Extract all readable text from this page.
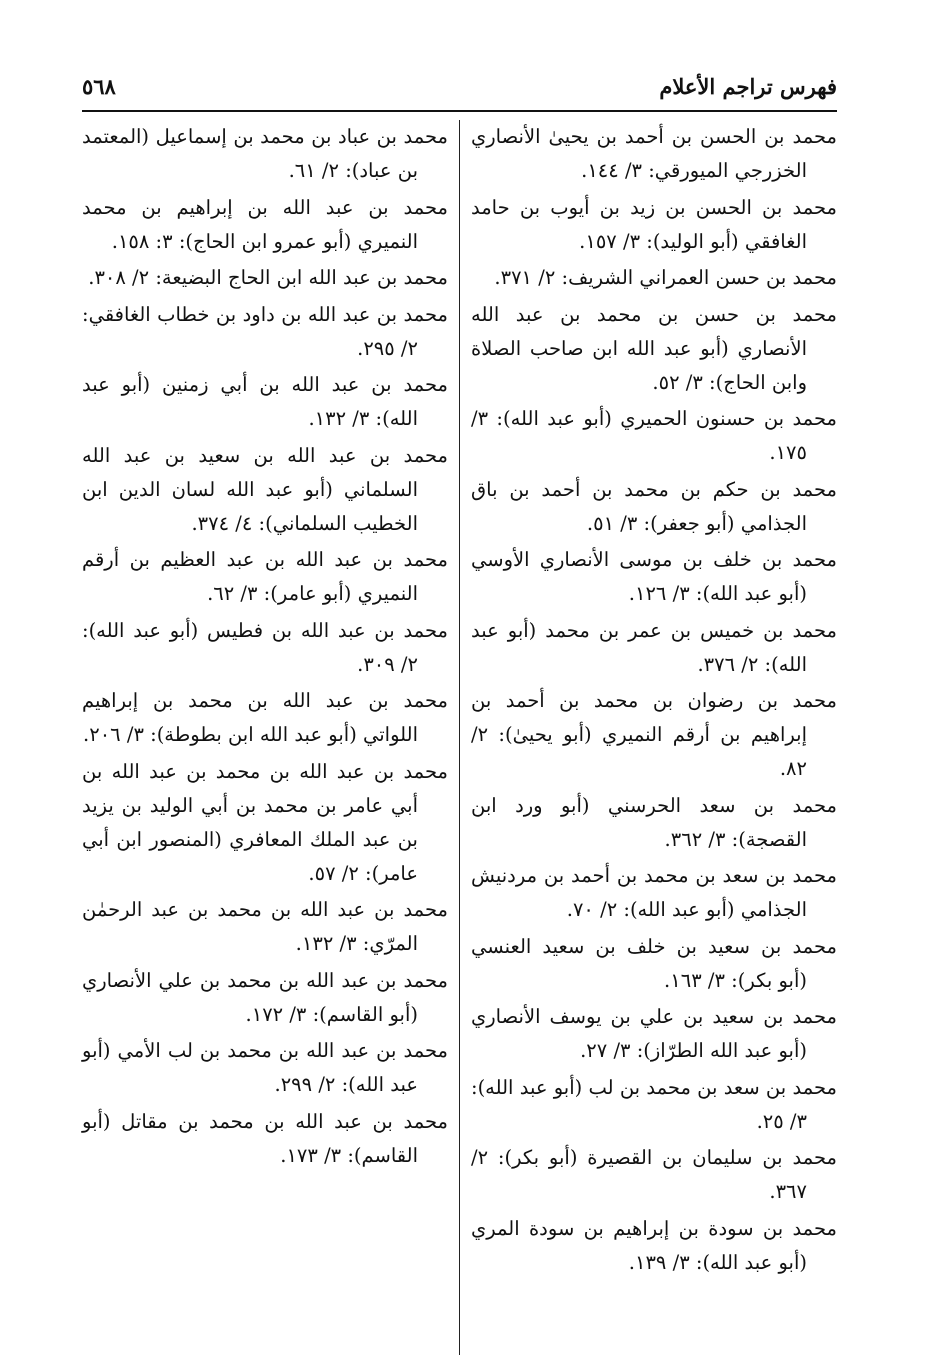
فهرس تراجم الأعلام
٥٦٨

محمد بن الحسن بن أحمد بن يحيىٰ الأنصاري الخزرجي الميورقي: ٣/ ١٤٤.

محمد بن الحسن بن زيد بن أيوب بن حامد الغافقي (أبو الوليد): ٣/ ١٥٧.

محمد بن حسن العمراني الشريف: ٢/ ٣٧١.

محمد بن حسن بن محمد بن عبد الله الأنصاري (أبو عبد الله ابن صاحب الصلاة وابن الحاج): ٣/ ٥٢.

محمد بن حسنون الحميري (أبو عبد الله): ٣/ ١٧٥.

محمد بن حكم بن محمد بن أحمد بن باق الجذامي (أبو جعفر): ٣/ ٥١.

محمد بن خلف بن موسى الأنصاري الأوسي (أبو عبد الله): ٣/ ١٢٦.

محمد بن خميس بن عمر بن محمد (أبو عبد الله): ٢/ ٣٧٦.

محمد بن رضوان بن محمد بن أحمد بن إبراهيم بن أرقم النميري (أبو يحيىٰ): ٢/ ٨٢.

محمد بن سعد الحرسني (أبو ورد ابن القصجة): ٣/ ٣٦٢.

محمد بن سعد بن محمد بن أحمد بن مردنيش الجذامي (أبو عبد الله): ٢/ ٧٠.

محمد بن سعيد بن خلف بن سعيد العنسي (أبو بكر): ٣/ ١٦٣.

محمد بن سعيد بن علي بن يوسف الأنصاري (أبو عبد الله الطرّاز): ٣/ ٢٧.

محمد بن سعد بن محمد بن لب (أبو عبد الله): ٣/ ٢٥.

محمد بن سليمان بن القصيرة (أبو بكر): ٢/ ٣٦٧.

محمد بن سودة بن إبراهيم بن سودة المري (أبو عبد الله): ٣/ ١٣٩.

محمد بن عباد بن محمد بن إسماعيل (المعتمد بن عباد): ٢/ ٦١.

محمد بن عبد الله بن إبراهيم بن محمد النميري (أبو عمرو ابن الحاج): ٣: ١٥٨.

محمد بن عبد الله ابن الحاج البضيعة: ٢/ ٣٠٨.

محمد بن عبد الله بن داود بن خطاب الغافقي: ٢/ ٢٩٥.

محمد بن عبد الله بن أبي زمنين (أبو عبد الله): ٣/ ١٣٢.

محمد بن عبد الله بن سعيد بن عبد الله السلماني (أبو عبد الله لسان الدين ابن الخطيب السلماني): ٤/ ٣٧٤.

محمد بن عبد الله بن عبد العظيم بن أرقم النميري (أبو عامر): ٣/ ٦٢.

محمد بن عبد الله بن فطيس (أبو عبد الله): ٢/ ٣٠٩.

محمد بن عبد الله بن محمد بن إبراهيم اللواتي (أبو عبد الله ابن بطوطة): ٣/ ٢٠٦.

محمد بن عبد الله بن محمد بن عبد الله بن أبي عامر بن محمد بن أبي الوليد بن يزيد بن عبد الملك المعافري (المنصور ابن أبي عامر): ٢/ ٥٧.

محمد بن عبد الله بن محمد بن عبد الرحمٰن المرّي: ٣/ ١٣٢.

محمد بن عبد الله بن محمد بن علي الأنصاري (أبو القاسم): ٣/ ١٧٢.

محمد بن عبد الله بن محمد بن لب الأمي (أبو عبد الله): ٢/ ٢٩٩.

محمد بن عبد الله بن محمد بن مقاتل (أبو القاسم): ٣/ ١٧٣.
